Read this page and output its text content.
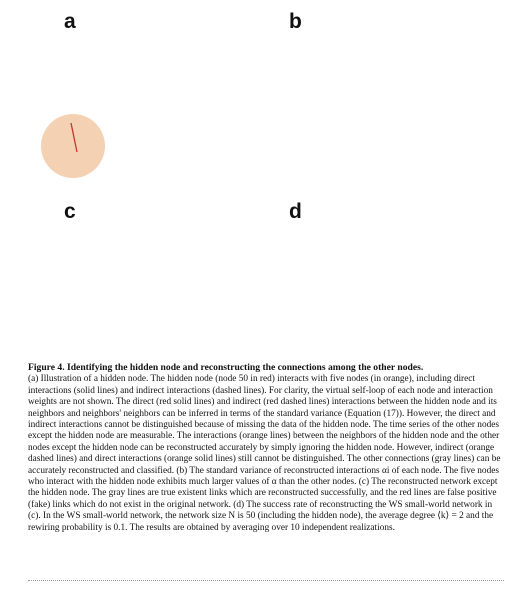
a	b
c	d
Figure 4. Identifying the hidden node and reconstructing the connections among the other nodes.
(a) Illustration of a hidden node. The hidden node (node 50 in red) interacts with five nodes (in orange), including direct interactions (solid lines) and indirect interactions (dashed lines). For clarity, the virtual self-loop of each node and interaction weights are not shown. The direct (red solid lines) and indirect (red dashed lines) interactions between the hidden node and its neighbors and neighbors' neighbors can be inferred in terms of the standard variance (Equation (17)). However, the direct and indirect interactions cannot be distinguished because of missing the data of the hidden node. The time series of the other nodes except the hidden node are measurable. The interactions (orange lines) between the neighbors of the hidden node and the other nodes except the hidden node can be reconstructed accurately by simply ignoring the hidden node. However, indirect (orange dashed lines) and direct interactions (orange solid lines) still cannot be distinguished. The other connections (gray lines) can be accurately reconstructed and classified. (b) The standard variance of reconstructed interactions αi of each node. The five nodes who interact with the hidden node exhibits much larger values of α than the other nodes. (c) The reconstructed network except the hidden node. The gray lines are true existent links which are reconstructed successfully, and the red lines are false positive (fake) links which do not exist in the original network. (d) The success rate of reconstructing the WS small-world network in (c). In the WS small-world network, the network size N is 50 (including the hidden node), the average degree ⟨k⟩ = 2 and the rewiring probability is 0.1. The results are obtained by averaging over 10 independent realizations.
